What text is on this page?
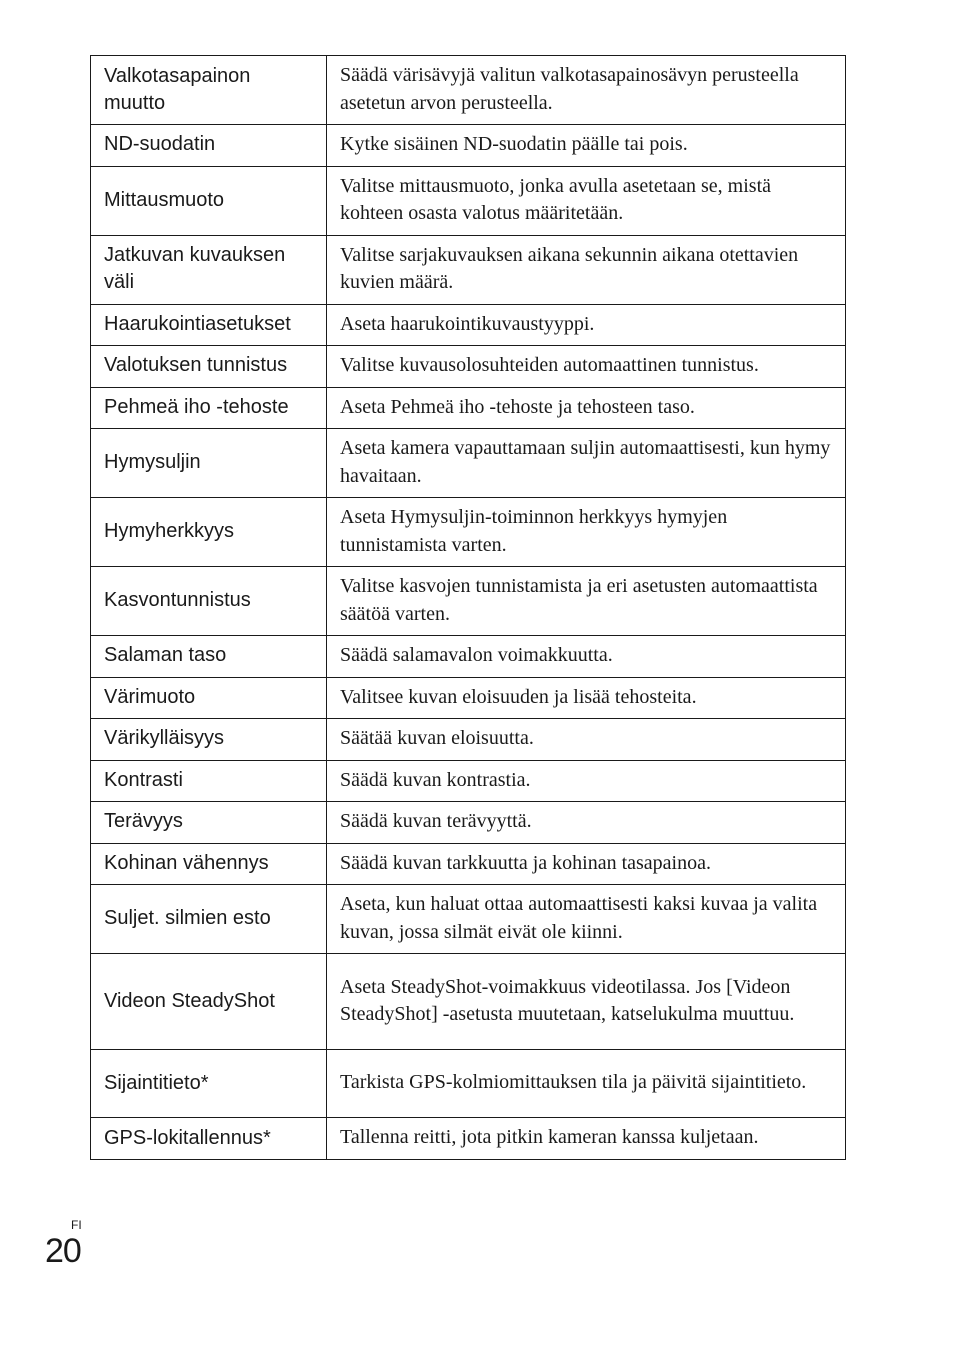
Valkotasapainon muutto	Säädä värisävyjä valitun valkotasapainosävyn perusteella asetetun arvon perusteella.
ND-suodatin	Kytke sisäinen ND-suodatin päälle tai pois.
Mittausmuoto	Valitse mittausmuoto, jonka avulla asetetaan se, mistä kohteen osasta valotus määritetään.
Jatkuvan kuvauksen väli	Valitse sarjakuvauksen aikana sekunnin aikana otettavien kuvien määrä.
Haarukointiasetukset	Aseta haarukointikuvaustyyppi.
Valotuksen tunnistus	Valitse kuvausolosuhteiden automaattinen tunnistus.
Pehmeä iho -tehoste	Aseta Pehmeä iho -tehoste ja tehosteen taso.
Hymysuljin	Aseta kamera vapauttamaan suljin automaattisesti, kun hymy havaitaan.
Hymyherkkyys	Aseta Hymysuljin-toiminnon herkkyys hymyjen tunnistamista varten.
Kasvontunnistus	Valitse kasvojen tunnistamista ja eri asetusten automaattista säätöä varten.
Salaman taso	Säädä salamavalon voimakkuutta.
Värimuoto	Valitsee kuvan eloisuuden ja lisää tehosteita.
Värikylläisyys	Säätää kuvan eloisuutta.
Kontrasti	Säädä kuvan kontrastia.
Terävyys	Säädä kuvan terävyyttä.
Kohinan vähennys	Säädä kuvan tarkkuutta ja kohinan tasapainoa.
Suljet. silmien esto	Aseta, kun haluat ottaa automaattisesti kaksi kuvaa ja valita kuvan, jossa silmät eivät ole kiinni.
Videon SteadyShot	Aseta SteadyShot-voimakkuus videotilassa. Jos [Videon SteadyShot] -asetusta muutetaan, katselukulma muuttuu.
Sijaintitieto*	Tarkista GPS-kolmiomittauksen tila ja päivitä sijaintitieto.
GPS-lokitallennus*	Tallenna reitti, jota pitkin kameran kanssa kuljetaan.
FI
20
